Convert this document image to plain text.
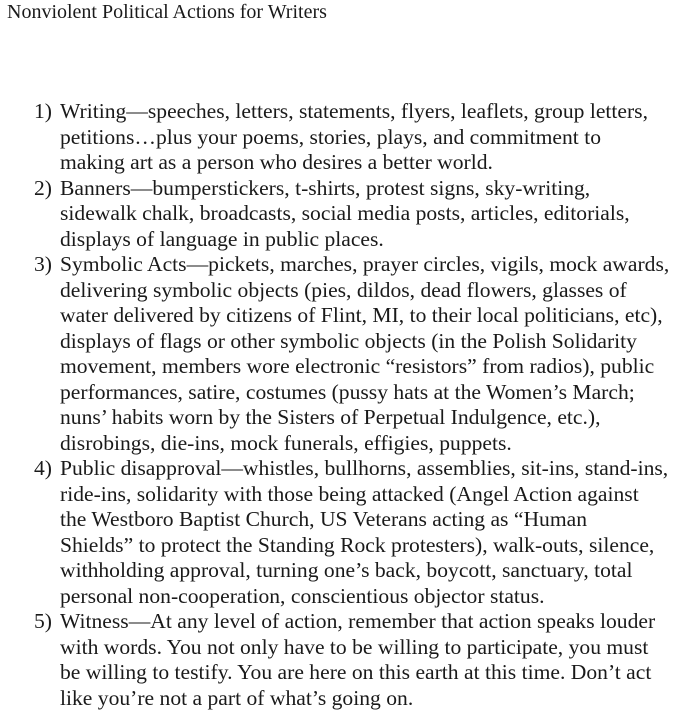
Nonviolent Political Actions for Writers
1) Writing—speeches, letters, statements, flyers, leaflets, group letters,
petitions…plus your poems, stories, plays, and commitment to
making art as a person who desires a better world.
2) Banners—bumperstickers, t-shirts, protest signs, sky-writing,
sidewalk chalk, broadcasts, social media posts, articles, editorials,
displays of language in public places.
3) Symbolic Acts—pickets, marches, prayer circles, vigils, mock awards,
delivering symbolic objects (pies, dildos, dead flowers, glasses of
water delivered by citizens of Flint, MI, to their local politicians, etc),
displays of flags or other symbolic objects (in the Polish Solidarity
movement, members wore electronic “resistors” from radios), public
performances, satire, costumes (pussy hats at the Women’s March;
nuns’ habits worn by the Sisters of Perpetual Indulgence, etc.),
disrobings, die-ins, mock funerals, effigies, puppets.
4) Public disapproval—whistles, bullhorns, assemblies, sit-ins, stand-ins,
ride-ins, solidarity with those being attacked (Angel Action against
the Westboro Baptist Church, US Veterans acting as “Human
Shields” to protect the Standing Rock protesters), walk-outs, silence,
withholding approval, turning one’s back, boycott, sanctuary, total
personal non-cooperation, conscientious objector status.
5) Witness—At any level of action, remember that action speaks louder
with words. You not only have to be willing to participate, you must
be willing to testify. You are here on this earth at this time. Don’t act
like you’re not a part of what’s going on.
